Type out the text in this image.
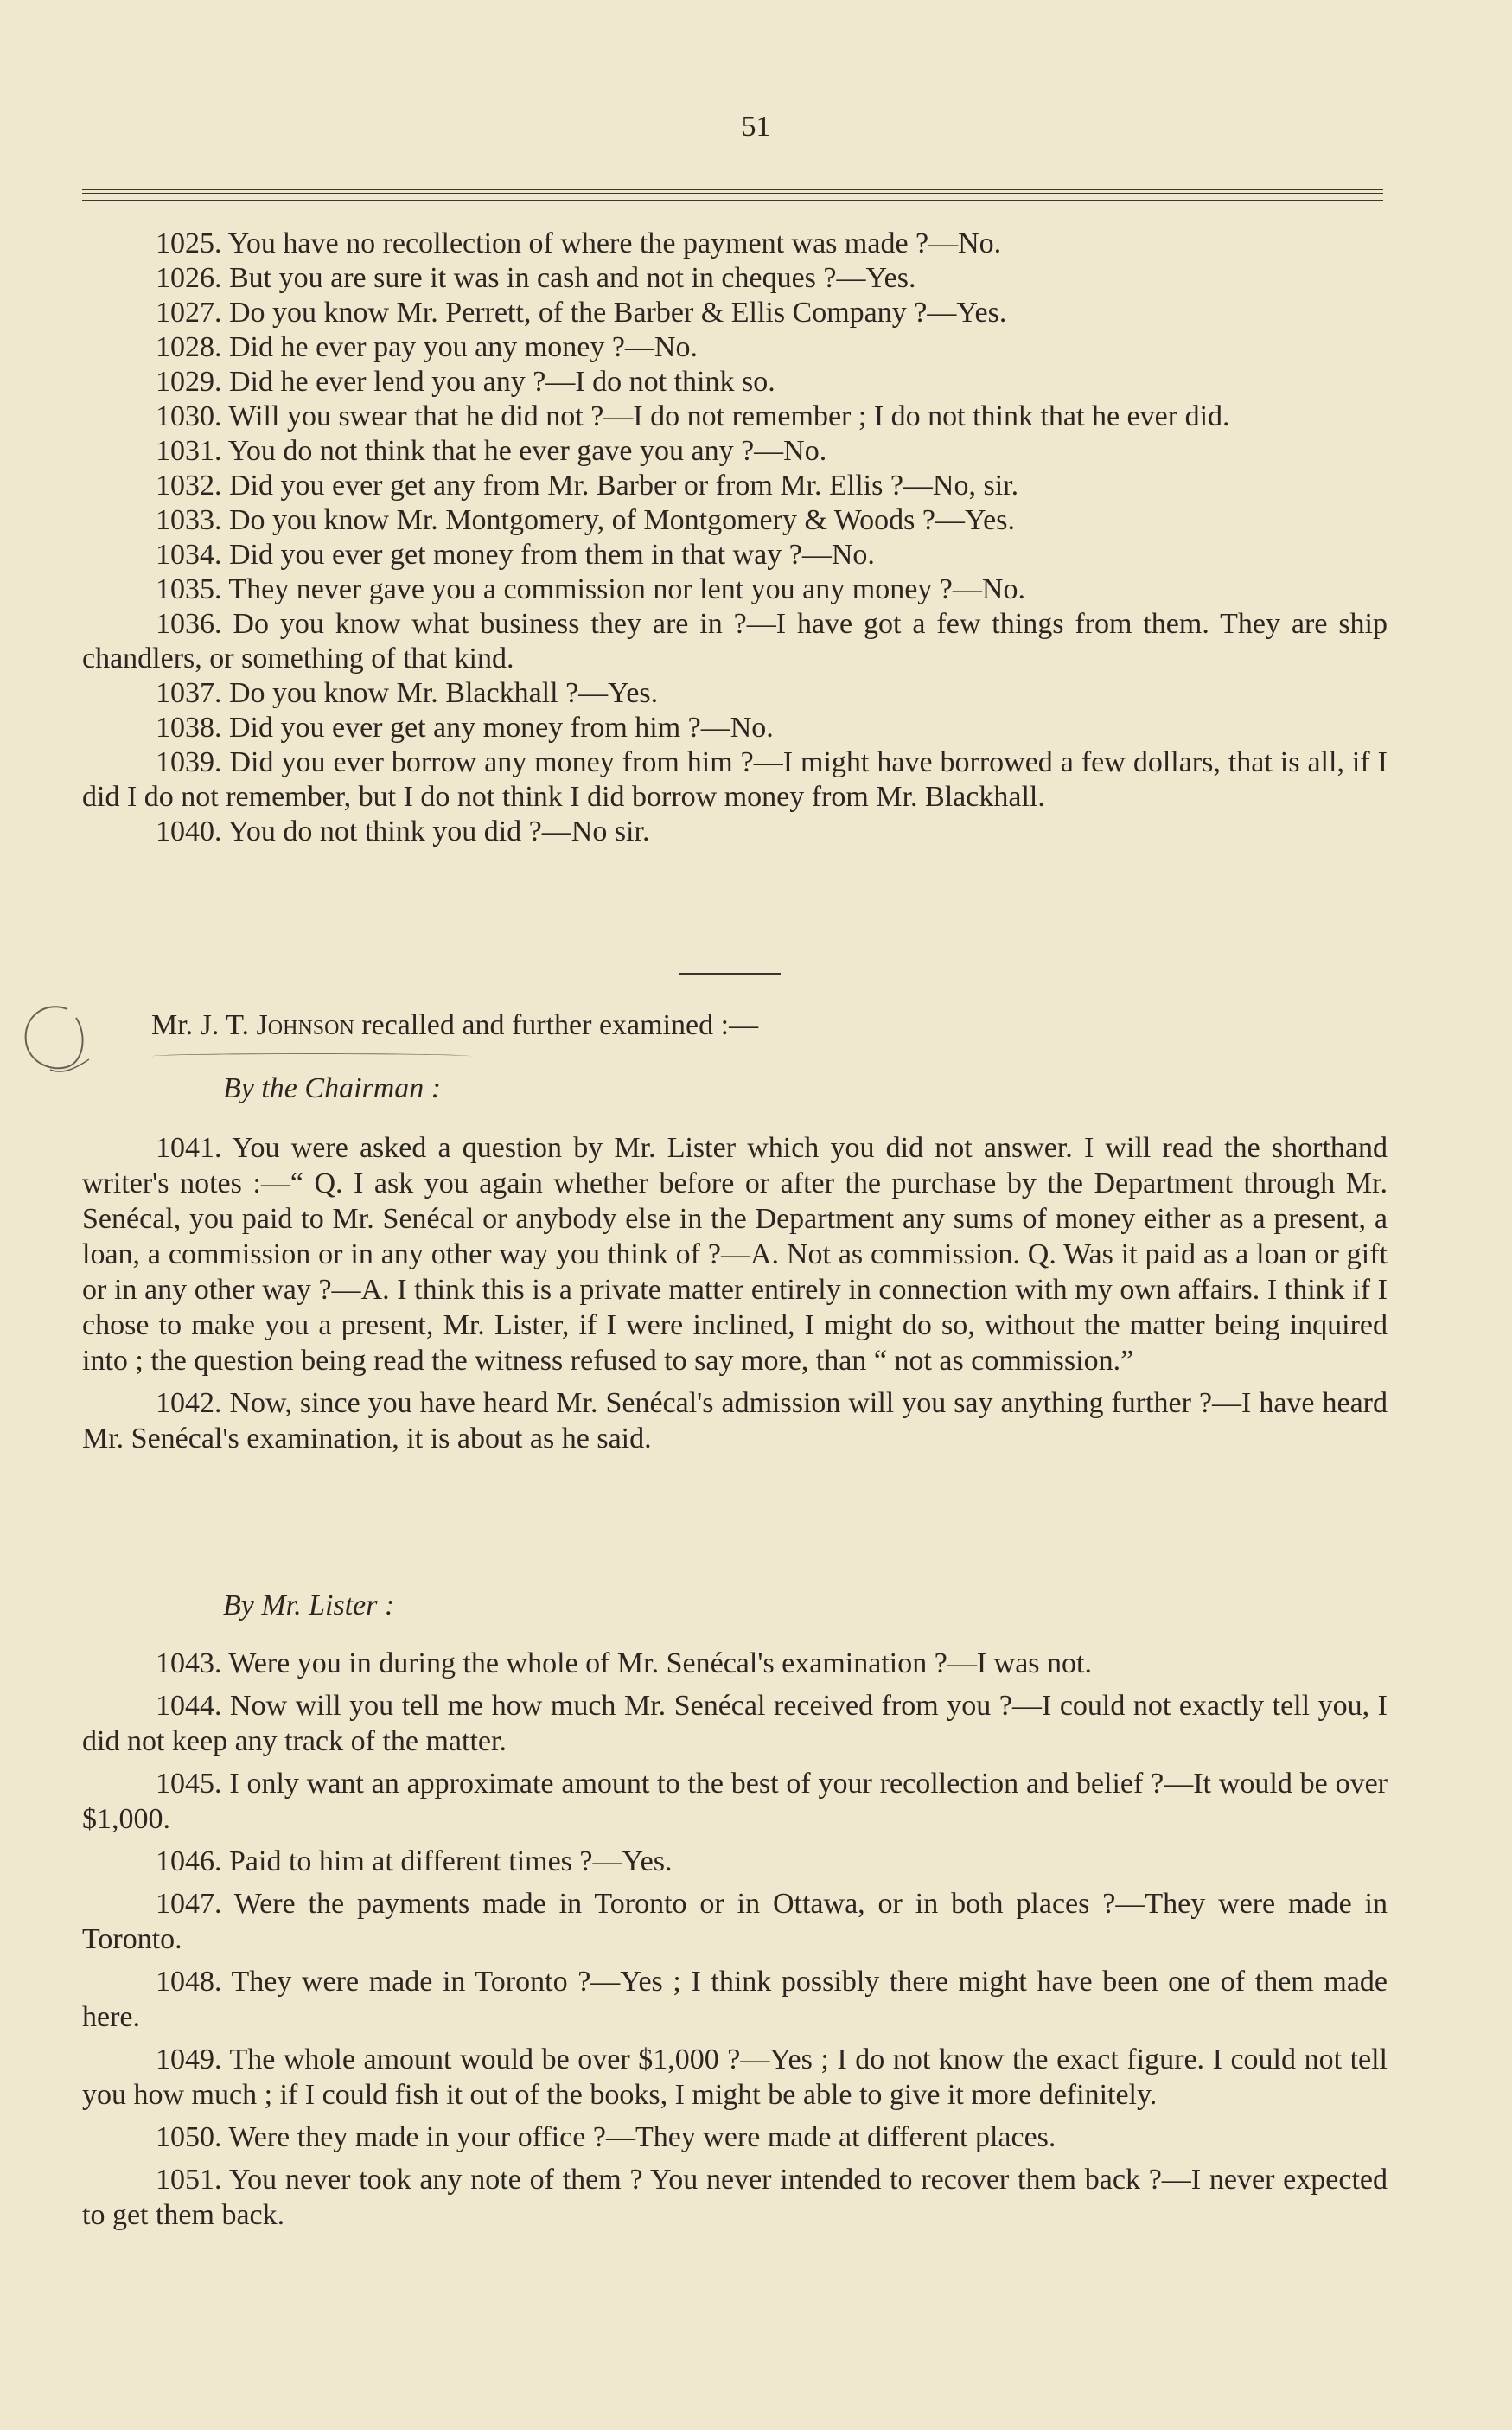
51

1025. You have no recollection of where the payment was made ?—No.

1026. But you are sure it was in cash and not in cheques ?—Yes.

1027. Do you know Mr. Perrett, of the Barber & Ellis Company ?—Yes.

1028. Did he ever pay you any money ?—No.

1029. Did he ever lend you any ?—I do not think so.

1030. Will you swear that he did not ?—I do not remember ; I do not think that he ever did.

1031. You do not think that he ever gave you any ?—No.

1032. Did you ever get any from Mr. Barber or from Mr. Ellis ?—No, sir.

1033. Do you know Mr. Montgomery, of Montgomery & Woods ?—Yes.

1034. Did you ever get money from them in that way ?—No.

1035. They never gave you a commission nor lent you any money ?—No.

1036. Do you know what business they are in ?—I have got a few things from them. They are ship chandlers, or something of that kind.

1037. Do you know Mr. Blackhall ?—Yes.

1038. Did you ever get any money from him ?—No.

1039. Did you ever borrow any money from him ?—I might have borrowed a few dollars, that is all, if I did I do not remember, but I do not think I did borrow money from Mr. Blackhall.

1040. You do not think you did ?—No sir.

Mr. J. T. Johnson recalled and further examined :—
By the Chairman :

1041. You were asked a question by Mr. Lister which you did not answer. I will read the shorthand writer's notes :—“ Q. I ask you again whether before or after the purchase by the Department through Mr. Senécal, you paid to Mr. Senécal or anybody else in the Department any sums of money either as a present, a loan, a commission or in any other way you think of ?—A. Not as commission. Q. Was it paid as a loan or gift or in any other way ?—A. I think this is a private matter entirely in connection with my own affairs. I think if I chose to make you a present, Mr. Lister, if I were inclined, I might do so, without the matter being inquired into ; the question being read the witness refused to say more, than “ not as commission.”

1042. Now, since you have heard Mr. Senécal's admission will you say anything further ?—I have heard Mr. Senécal's examination, it is about as he said.

By Mr. Lister :

1043. Were you in during the whole of Mr. Senécal's examination ?—I was not.

1044. Now will you tell me how much Mr. Senécal received from you ?—I could not exactly tell you, I did not keep any track of the matter.

1045. I only want an approximate amount to the best of your recollection and belief ?—It would be over $1,000.

1046. Paid to him at different times ?—Yes.

1047. Were the payments made in Toronto or in Ottawa, or in both places ?—They were made in Toronto.

1048. They were made in Toronto ?—Yes ; I think possibly there might have been one of them made here.

1049. The whole amount would be over $1,000 ?—Yes ; I do not know the exact figure. I could not tell you how much ; if I could fish it out of the books, I might be able to give it more definitely.

1050. Were they made in your office ?—They were made at different places.

1051. You never took any note of them ? You never intended to recover them back ?—I never expected to get them back.
